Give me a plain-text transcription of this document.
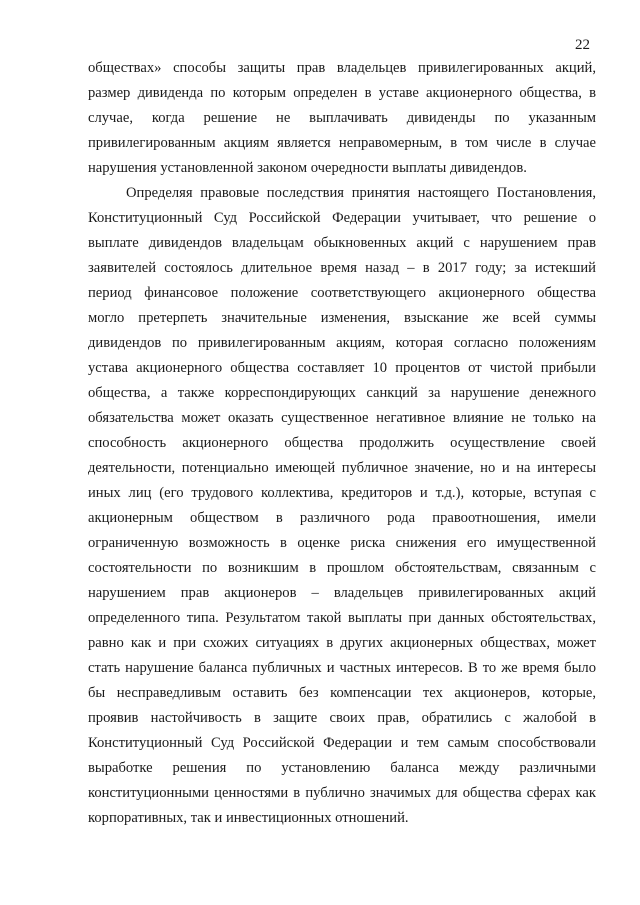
22
обществах» способы защиты прав владельцев привилегированных акций,
размер дивиденда по которым определен в уставе акционерного общества, в
случае, когда решение не выплачивать дивиденды по указанным
привилегированным акциям является неправомерным, в том числе в случае
нарушения установленной законом очередности выплаты дивидендов.
Определяя правовые последствия принятия настоящего Постановления,
Конституционный Суд Российской Федерации учитывает, что решение о
выплате дивидендов владельцам обыкновенных акций с нарушением прав
заявителей состоялось длительное время назад – в 2017 году; за истекший
период финансовое положение соответствующего акционерного общества
могло претерпеть значительные изменения, взыскание же всей суммы
дивидендов по привилегированным акциям, которая согласно положениям
устава акционерного общества составляет 10 процентов от чистой прибыли
общества, а также корреспондирующих санкций за нарушение денежного
обязательства может оказать существенное негативное влияние не только на
способность акционерного общества продолжить осуществление своей
деятельности, потенциально имеющей публичное значение, но и на интересы
иных лиц (его трудового коллектива, кредиторов и т.д.), которые, вступая с
акционерным обществом в различного рода правоотношения, имели
ограниченную возможность в оценке риска снижения его имущественной
состоятельности по возникшим в прошлом обстоятельствам, связанным с
нарушением прав акционеров – владельцев привилегированных акций
определенного типа. Результатом такой выплаты при данных обстоятельствах,
равно как и при схожих ситуациях в других акционерных обществах, может
стать нарушение баланса публичных и частных интересов. В то же время было
бы несправедливым оставить без компенсации тех акционеров, которые,
проявив настойчивость в защите своих прав, обратились с жалобой в
Конституционный Суд Российской Федерации и тем самым способствовали
выработке решения по установлению баланса между различными
конституционными ценностями в публично значимых для общества сферах как
корпоративных, так и инвестиционных отношений.
